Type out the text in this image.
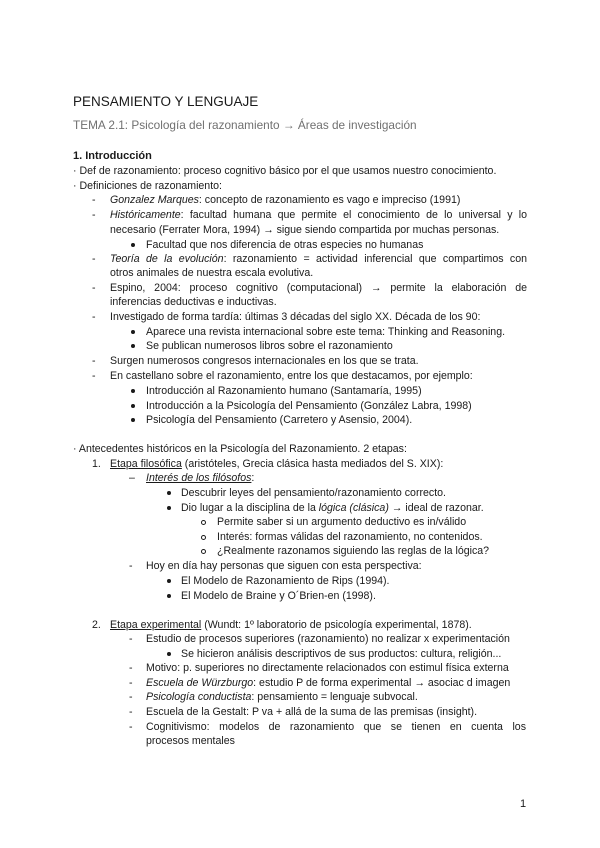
PENSAMIENTO Y LENGUAJE
TEMA 2.1: Psicología del razonamiento → Áreas de investigación
1. Introducción
· Def de razonamiento: proceso cognitivo básico por el que usamos nuestro conocimiento.
· Definiciones de razonamiento:
- Gonzalez Marques: concepto de razonamiento es vago e impreciso (1991)
- Históricamente: facultad humana que permite el conocimiento de lo universal y lo
necesario (Ferrater Mora, 1994) → sigue siendo compartida por muchas personas.
Facultad que nos diferencia de otras especies no humanas
- Teoría de la evolución: razonamiento = actividad inferencial que compartimos con
otros animales de nuestra escala evolutiva.
- Espino, 2004: proceso cognitivo (computacional) → permite la elaboración de
inferencias deductivas e inductivas.
- Investigado de forma tardía: últimas 3 décadas del siglo XX. Década de los 90:
Aparece una revista internacional sobre este tema: Thinking and Reasoning.
Se publican numerosos libros sobre el razonamiento
- Surgen numerosos congresos internacionales en los que se trata.
- En castellano sobre el razonamiento, entre los que destacamos, por ejemplo:
Introducción al Razonamiento humano (Santamaría, 1995)
Introducción a la Psicología del Pensamiento (González Labra, 1998)
Psicología del Pensamiento (Carretero y Asensio, 2004).
· Antecedentes históricos en la Psicología del Razonamiento. 2 etapas:
1. Etapa filosófica (aristóteles, Grecia clásica hasta mediados del S. XIX):
– Interés de los filósofos:
Descubrir leyes del pensamiento/razonamiento correcto.
Dio lugar a la disciplina de la lógica (clásica) → ideal de razonar.
Permite saber si un argumento deductivo es in/válido
Interés: formas válidas del razonamiento, no contenidos.
¿Realmente razonamos siguiendo las reglas de la lógica?
- Hoy en día hay personas que siguen con esta perspectiva:
El Modelo de Razonamiento de Rips (1994).
El Modelo de Braine y O´Brien-en (1998).
2. Etapa experimental (Wundt: 1º laboratorio de psicología experimental, 1878).
- Estudio de procesos superiores (razonamiento) no realizar x experimentación
Se hicieron análisis descriptivos de sus productos: cultura, religión...
- Motivo: p. superiores no directamente relacionados con estimul física externa
- Escuela de Würzburgo: estudio P de forma experimental → asociac d imagen
- Psicología conductista: pensamiento = lenguaje subvocal.
- Escuela de la Gestalt: P va + allá de la suma de las premisas (insight).
- Cognitivismo: modelos de razonamiento que se tienen en cuenta los
procesos mentales
1
